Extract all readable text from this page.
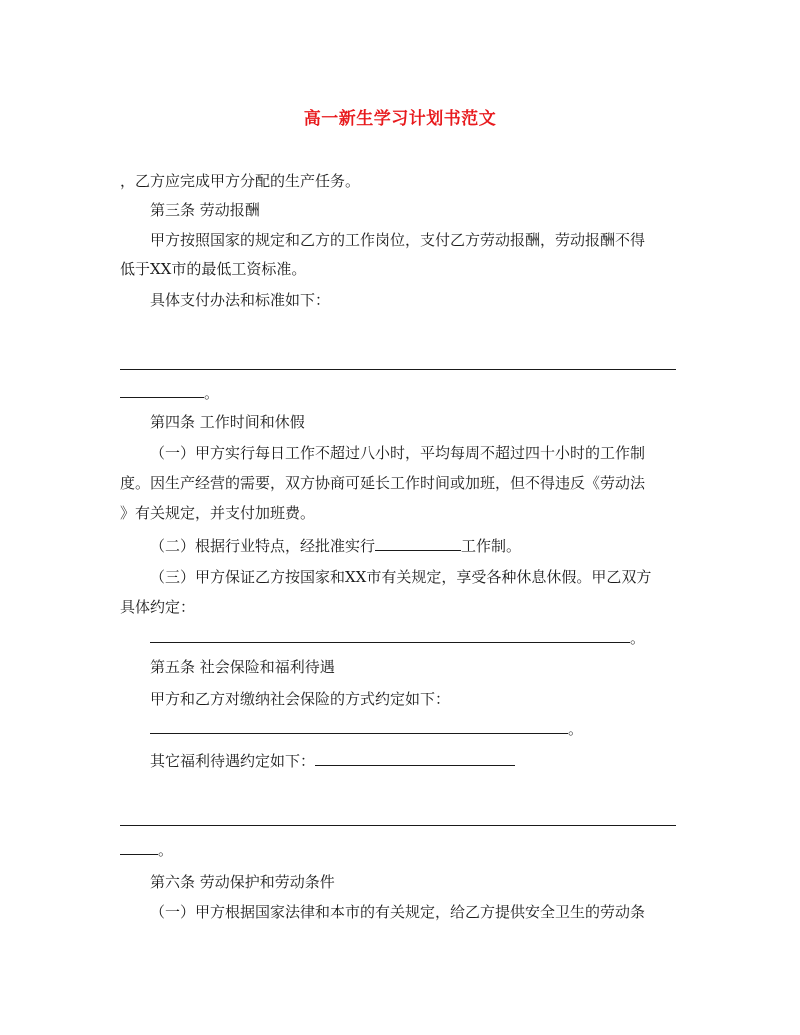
高一新生学习计划书范文
，乙方应完成甲方分配的生产任务。
第三条 劳动报酬
甲方按照国家的规定和乙方的工作岗位，支付乙方劳动报酬，劳动报酬不得
低于XX市的最低工资标准。
具体支付办法和标准如下：
。
第四条 工作时间和休假
（一）甲方实行每日工作不超过八小时，平均每周不超过四十小时的工作制
度。因生产经营的需要，双方协商可延长工作时间或加班，但不得违反《劳动法
》有关规定，并支付加班费。
（二）根据行业特点，经批准实行	工作制。
（三）甲方保证乙方按国家和XX市有关规定，享受各种休息休假。甲乙双方
具体约定：
。
第五条 社会保险和福利待遇
甲方和乙方对缴纳社会保险的方式约定如下：
。
其它福利待遇约定如下：
。
第六条 劳动保护和劳动条件
（一）甲方根据国家法律和本市的有关规定，给乙方提供安全卫生的劳动条
